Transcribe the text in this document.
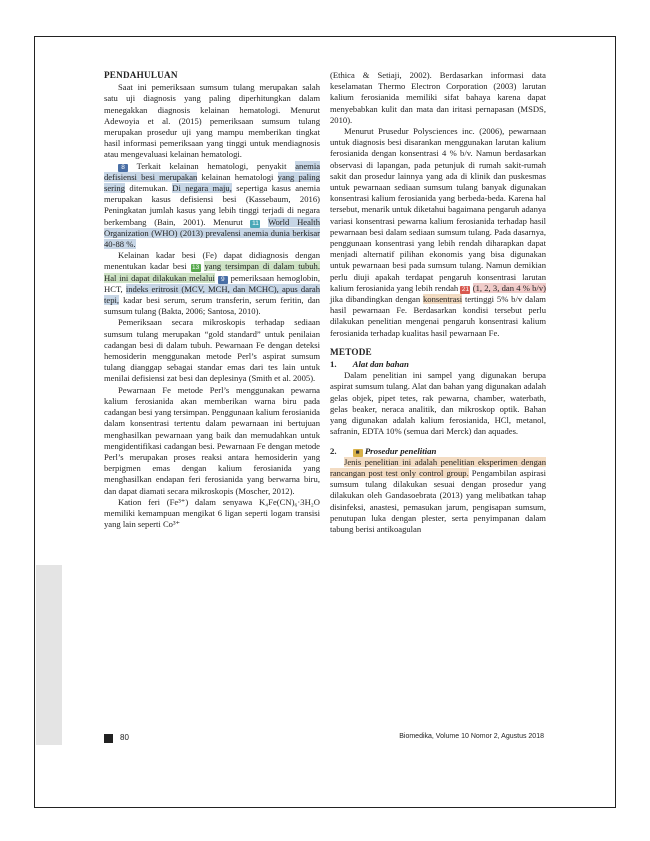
PENDAHULUAN

Saat ini pemeriksaan sumsum tulang merupakan salah satu uji diagnosis yang paling diperhitungkan dalam menegakkan diagnosis kelainan hematologi. Menurut Adewoyia et al. (2015) pemeriksaan sumsum tulang merupakan prosedur uji yang mampu memberikan tingkat hasil informasi pemeriksaan yang tinggi untuk mendiagnosis atau mengevaluasi kelainan hematologi.

8 Terkait kelainan hematologi, penyakit anemia defisiensi besi merupakan kelainan hematologi yang paling sering ditemukan. Di negara maju, sepertiga kasus anemia merupakan kasus defisiensi besi (Kassebaum, 2016) Peningkatan jumlah kasus yang lebih tinggi terjadi di negara berkembang (Bain, 2001). Menurut 11 World Health Organization (WHO) (2013) prevalensi anemia dunia berkisar 40-88 %.

Kelainan kadar besi (Fe) dapat didiagnosis dengan menentukan kadar besi 13 yang tersimpan di dalam tubuh. Hal ini dapat dilakukan melalui 9 pemeriksaan hemoglobin, HCT, indeks eritrosit (MCV, MCH, dan MCHC), apus darah tepi, kadar besi serum, serum transferin, serum feritin, dan sumsum tulang (Bakta, 2006; Santosa, 2010).

Pemeriksaan secara mikroskopis terhadap sediaan sumsum tulang merupakan “gold standard” untuk penilaian cadangan besi di dalam tubuh. Pewarnaan Fe dengan deteksi hemosiderin menggunakan metode Perl’s aspirat sumsum tulang dianggap sebagai standar emas dari tes lain untuk menilai defisiensi zat besi dan deplesinya (Smith et al. 2005).

Pewarnaan Fe metode Perl’s menggunakan pewarna kalium ferosianida akan memberikan warna biru pada cadangan besi yang tersimpan. Penggunaan kalium ferosianida dalam konsentrasi tertentu dalam pewarnaan ini bertujuan menghasilkan pewarnaan yang baik dan memudahkan untuk mengidentifikasi cadangan besi. Pewarnaan Fe dengan metode Perl’s merupakan proses reaksi antara hemosiderin yang berpigmen emas dengan kalium ferosianida yang menghasilkan endapan feri ferosianida yang berwarna biru, dan dapat diamati secara mikroskopis (Moscher, 2012).

Kation feri (Fe³⁺) dalam senyawa K₄Fe(CN)₆·3H₂O memiliki kemampuan mengikat 6 ligan seperti logam transisi yang lain seperti Co³⁺

(Ethica & Setiaji, 2002). Berdasarkan informasi data keselamatan Thermo Electron Corporation (2003) larutan kalium ferosianida memiliki sifat bahaya karena dapat menyebabkan kulit dan mata dan iritasi pernapasan (MSDS, 2010).

Menurut Prusedur Polysciences inc. (2006), pewarnaan untuk diagnosis besi disarankan menggunakan larutan kalium ferosianida dengan konsentrasi 4 % b/v. Namun berdasarkan observasi di lapangan, pada petunjuk di rumah sakit-rumah sakit dan prosedur lainnya yang ada di klinik dan puskesmas untuk pewarnaan sediaan sumsum tulang banyak digunakan konsentrasi kalium ferosianida yang berbeda-beda. Karena hal tersebut, menarik untuk diketahui bagaimana pengaruh adanya variasi konsentrasi pewarna kalium ferosianida terhadap hasil pewarnaan besi dalam sediaan sumsum tulang. Pada dasarnya, penggunaan konsentrasi yang lebih rendah diharapkan dapat menjadi alternatif pilihan ekonomis yang bisa digunakan untuk pewarnaan besi pada sumsum tulang. Namun demikian perlu diuji apakah terdapat pengaruh konsentrasi larutan kalium ferosianida yang lebih rendah 21 (1, 2, 3, dan 4 % b/v) jika dibandingkan dengan konsentrasi tertinggi 5% b/v dalam hasil pewarnaan Fe. Berdasarkan kondisi tersebut perlu dilakukan penelitian mengenai pengaruh konsentrasi kalium ferosianida terhadap kualitas hasil pewarnaan Fe.

METODE
1. Alat dan bahan

Dalam penelitian ini sampel yang digunakan berupa aspirat sumsum tulang. Alat dan bahan yang digunakan adalah gelas objek, pipet tetes, rak pewarna, chamber, waterbath, gelas beaker, neraca analitik, dan mikroskop optik. Bahan yang digunakan adalah kalium ferosianida, HCl, metanol, safranin, EDTA 10% (semua dari Merck) dan aquades.

2.	■ Prosedur penelitian

Jenis penelitian ini adalah penelitian eksperimen dengan rancangan post test only control group. Pengambilan aspirasi sumsum tulang dilakukan sesuai dengan prosedur yang dilakukan oleh Gandasoebrata (2013) yang melibatkan tahap disinfeksi, anastesi, pemasukan jarum, pengisapan sumsum, penutupan luka dengan plester, serta penyimpanan dalam tabung berisi antikoagulan

80	Biomedika, Volume 10 Nomor 2, Agustus 2018
